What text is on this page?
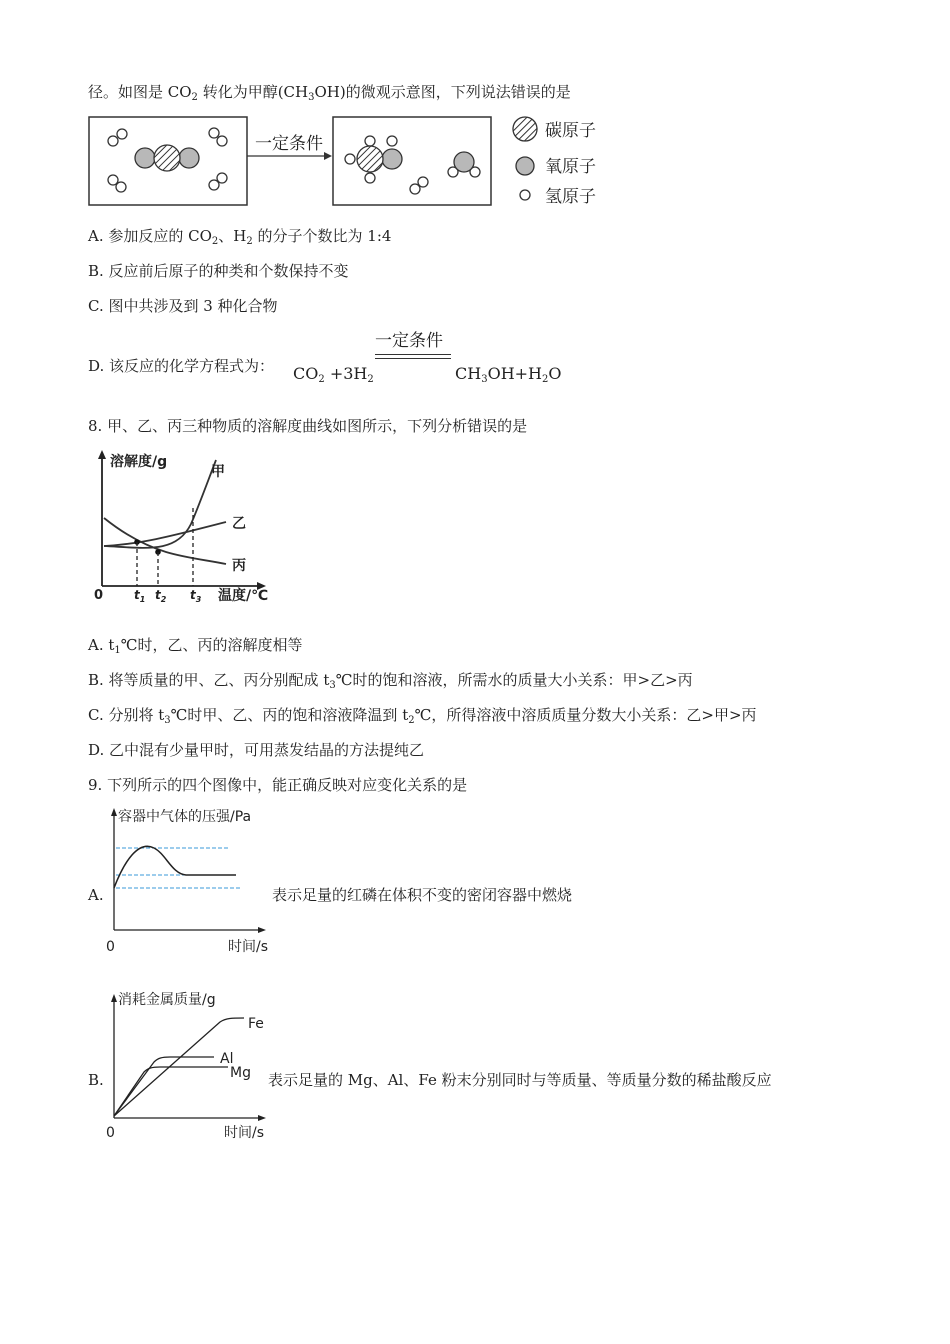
径。如图是 $CO_2$ 转化为甲醇$(CH_3OH)$的微观示意图，下列说法错误的是
一定条件
碳原子
氧原子
氢原子
A. 参加反应的 $CO_2$、$H_2$ 的分子个数比为 1:4
B. 反应前后原子的种类和个数保持不变
C. 图中共涉及到 3 种化合物
D. 该反应的化学方程式为：
一定条件
$CO_2 +3H_2$	$CH_3OH+H_2O$
8. 甲、乙、丙三种物质的溶解度曲线如图所示，下列分析错误的是
溶解度/g
温度/℃
0	$t_1$ $t_2$ $t_3$
甲
乙
丙
A. $t_1℃$时，乙、丙的溶解度相等
B. 将等质量的甲、乙、丙分别配成 $t_3℃$时的饱和溶液，所需水的质量大小关系：甲>乙>丙
C. 分别将 $t_3℃$时甲、乙、丙的饱和溶液降温到 $t_2℃$，所得溶液中溶质质量分数大小关系：乙>甲>丙
D. 乙中混有少量甲时，可用蒸发结晶的方法提纯乙
9. 下列所示的四个图像中，能正确反映对应变化关系的是
A.
容器中气体的压强/Pa
时间/s
0
表示足量的红磷在体积不变的密闭容器中燃烧
B.
消耗金属质量/g
时间/s
0
Fe
Al
Mg 表示足量的 Mg、Al、Fe 粉末分别同时与等质量、等质量分数的稀盐酸反应
